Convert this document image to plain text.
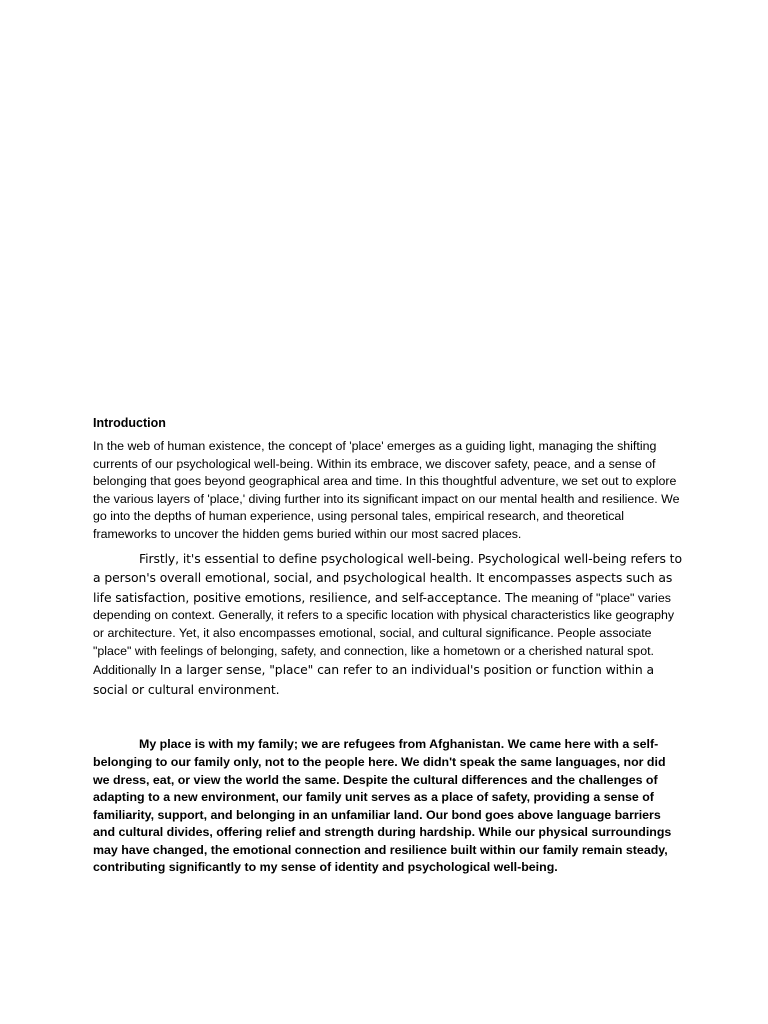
Introduction

In the web of human existence, the concept of 'place' emerges as a guiding light, managing the shifting currents of our psychological well-being. Within its embrace, we discover safety, peace, and a sense of belonging that goes beyond geographical area and time. In this thoughtful adventure, we set out to explore the various layers of 'place,' diving further into its significant impact on our mental health and resilience. We go into the depths of human experience, using personal tales, empirical research, and theoretical frameworks to uncover the hidden gems buried within our most sacred places.

Firstly, it's essential to define psychological well-being. Psychological well-being refers to a person's overall emotional, social, and psychological health. It encompasses aspects such as life satisfaction, positive emotions, resilience, and self-acceptance. The meaning of "place" varies depending on context. Generally, it refers to a specific location with physical characteristics like geography or architecture. Yet, it also encompasses emotional, social, and cultural significance. People associate "place" with feelings of belonging, safety, and connection, like a hometown or a cherished natural spot. Additionally In a larger sense, "place" can refer to an individual's position or function within a social or cultural environment.

My place is with my family; we are refugees from Afghanistan. We came here with a self-belonging to our family only, not to the people here. We didn't speak the same languages, nor did we dress, eat, or view the world the same. Despite the cultural differences and the challenges of adapting to a new environment, our family unit serves as a place of safety, providing a sense of familiarity, support, and belonging in an unfamiliar land. Our bond goes above language barriers and cultural divides, offering relief and strength during hardship. While our physical surroundings may have changed, the emotional connection and resilience built within our family remain steady, contributing significantly to my sense of identity and psychological well-being.
